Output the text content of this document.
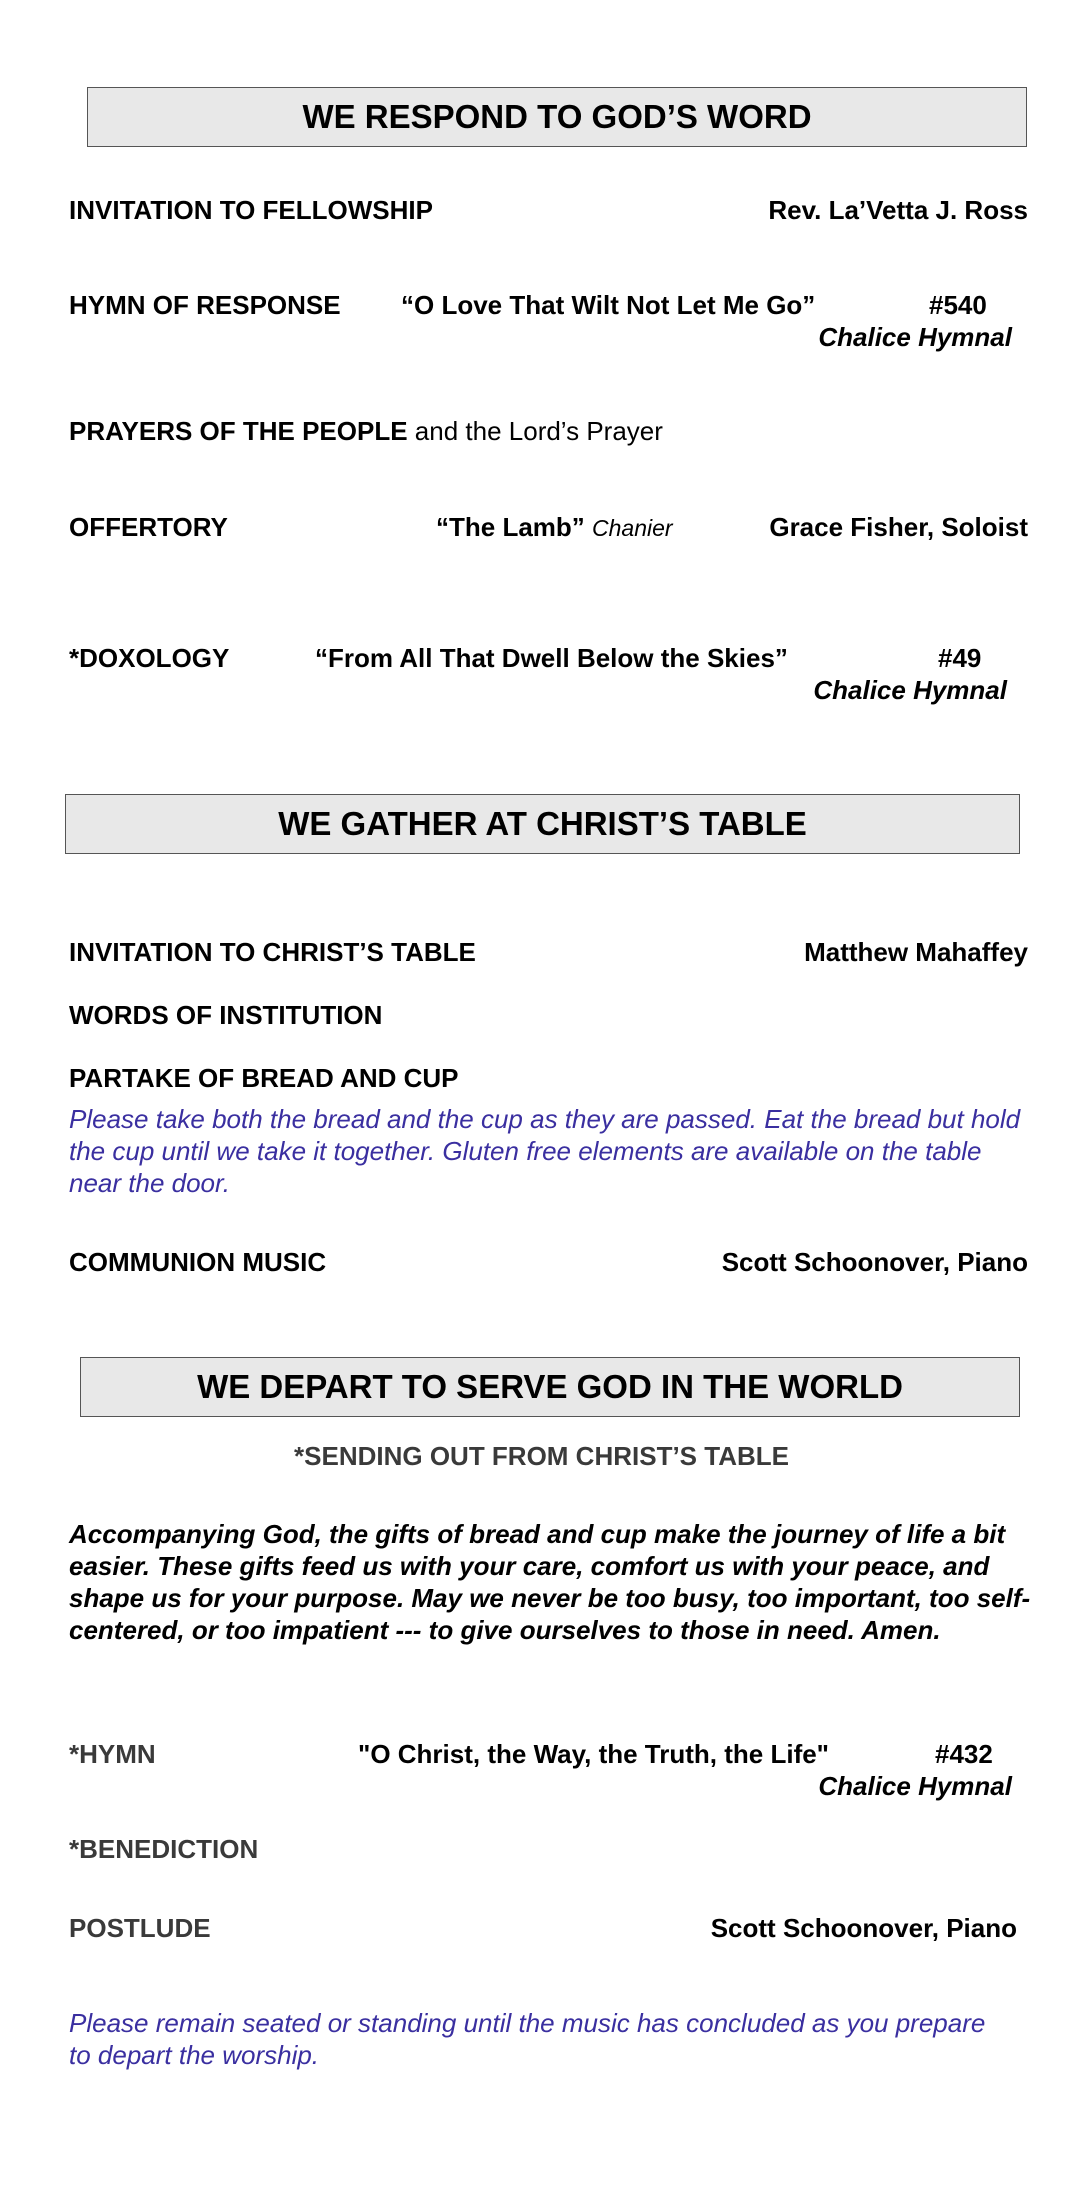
WE RESPOND TO GOD’S WORD
INVITATION TO FELLOWSHIP	Rev. La’Vetta J. Ross
HYMN OF RESPONSE “O Love That Wilt Not Let Me Go”	#540
Chalice Hymnal
PRAYERS OF THE PEOPLE and the Lord’s Prayer
OFFERTORY	“The Lamb” Chanier	Grace Fisher, Soloist
*DOXOLOGY	“From All That Dwell Below the Skies”	#49
Chalice Hymnal
WE GATHER AT CHRIST’S TABLE
INVITATION TO CHRIST’S TABLE	Matthew Mahaffey
WORDS OF INSTITUTION
PARTAKE OF BREAD AND CUP
Please take both the bread and the cup as they are passed. Eat the bread but hold the cup until we take it together. Gluten free elements are available on the table near the door.
COMMUNION MUSIC	Scott Schoonover, Piano
WE DEPART TO SERVE GOD IN THE WORLD
*SENDING OUT FROM CHRIST’S TABLE
Accompanying God, the gifts of bread and cup make the journey of life a bit easier. These gifts feed us with your care, comfort us with your peace, and shape us for your purpose. May we never be too busy, too important, too self-centered, or too impatient --- to give ourselves to those in need. Amen.
*HYMN	"O Christ, the Way, the Truth, the Life"	#432
Chalice Hymnal
*BENEDICTION
POSTLUDE	Scott Schoonover, Piano
Please remain seated or standing until the music has concluded as you prepare to depart the worship.
